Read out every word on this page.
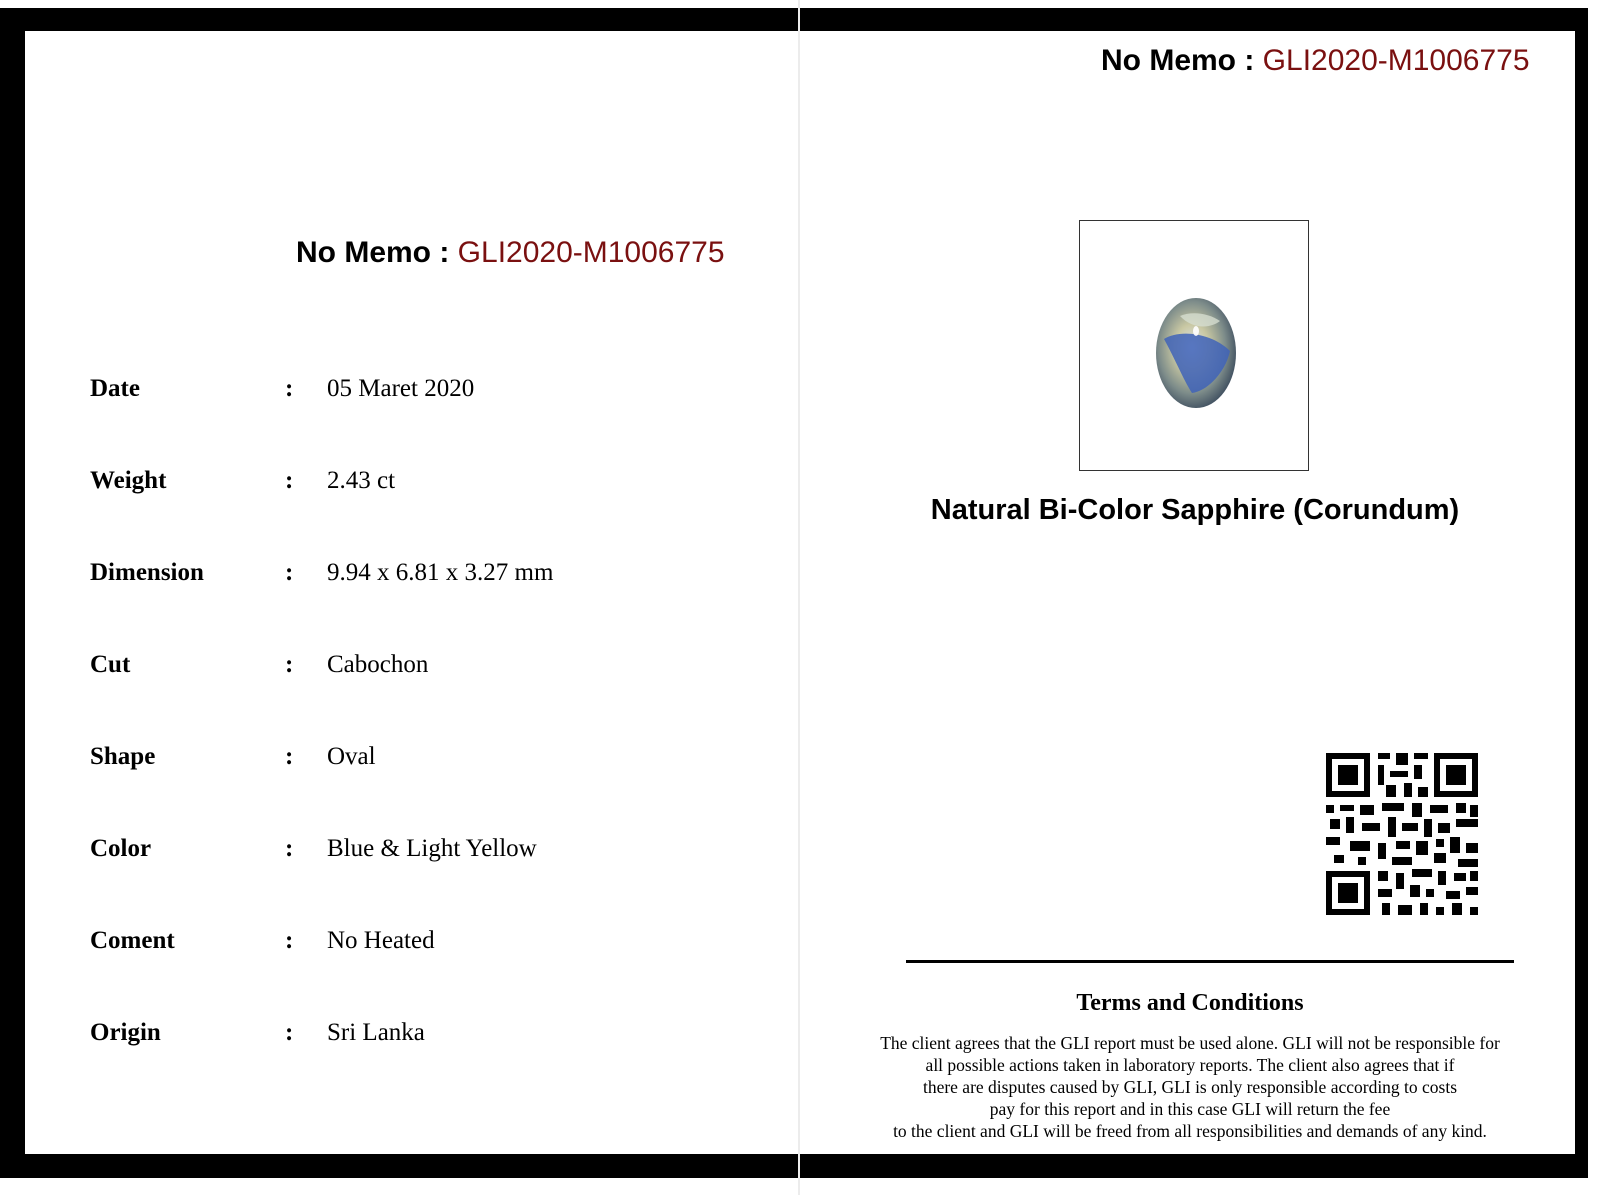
No Memo : GLI2020-M1006775
Date	: 05 Maret 2020
Weight	: 2.43 ct
Dimension	: 9.94 x 6.81 x 3.27 mm
Cut	: Cabochon
Shape	: Oval
Color	: Blue & Light Yellow
Coment	: No Heated
Origin	: Sri Lanka
No Memo : GLI2020-M1006775
Natural Bi-Color Sapphire (Corundum)
Terms and Conditions
The client agrees that the GLI report must be used alone. GLI will not be responsible for
all possible actions taken in laboratory reports. The client also agrees that if
there are disputes caused by GLI, GLI is only responsible according to costs
pay for this report and in this case GLI will return the fee
to the client and GLI will be freed from all responsibilities and demands of any kind.
